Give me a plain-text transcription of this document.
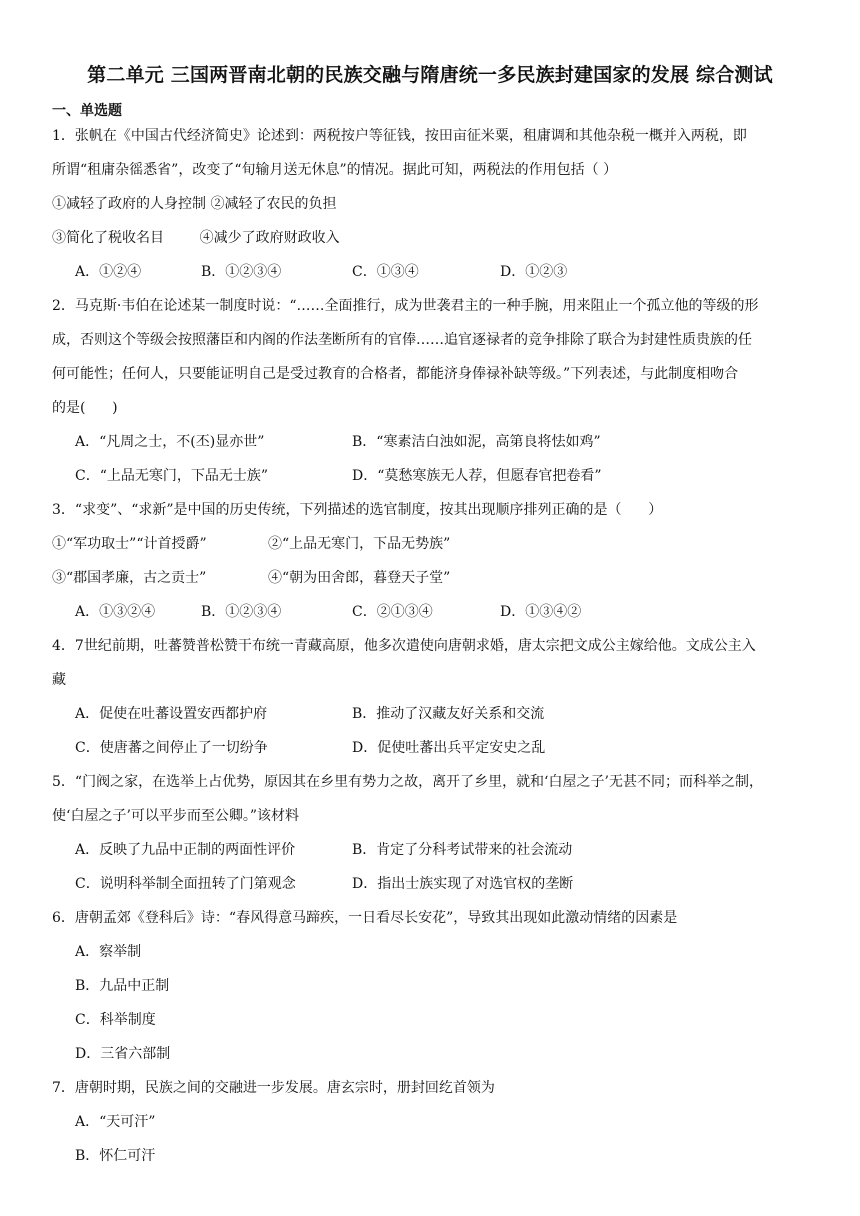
第二单元 三国两晋南北朝的民族交融与隋唐统一多民族封建国家的发展 综合测试
一、单选题
1．张帆在《中国古代经济简史》论述到：两税按户等征钱，按田亩征米粟，租庸调和其他杂税一概并入两税，即
所谓“租庸杂徭悉省”，改变了“旬输月送无休息”的情况。据此可知，两税法的作用包括（ ）
①减轻了政府的人身控制 ②减轻了农民的负担
③简化了税收名目        ④减少了政府财政收入
A．①②④	B．①②③④	C．①③④	D．①②③
2．马克斯·韦伯在论述某一制度时说：“……全面推行，成为世袭君主的一种手腕，用来阻止一个孤立他的等级的形
成，否则这个等级会按照藩臣和内阁的作法垄断所有的官俸……追官逐禄者的竞争排除了联合为封建性质贵族的任
何可能性；任何人，只要能证明自己是受过教育的合格者，都能济身俸禄补缺等级。”下列表述，与此制度相吻合
的是(      )
A．“凡周之士，不(丕)显亦世”	B．“寒素洁白浊如泥，高第良将怯如鸡”
C．“上品无寒门，下品无士族”	D．“莫愁寒族无人荐，但愿春官把卷看”
3．“求变”、“求新”是中国的历史传统，下列描述的选官制度，按其出现顺序排列正确的是（      ）
①“军功取士”“计首授爵”	②“上品无寒门，下品无势族”
③“郡国孝廉，古之贡士”	④“朝为田舍郎，暮登天子堂”
A．①③②④	B．①②③④	C．②①③④	D．①③④②
4．7世纪前期，吐蕃赞普松赞干布统一青藏高原，他多次遣使向唐朝求婚，唐太宗把文成公主嫁给他。文成公主入
藏
A．促使在吐蕃设置安西都护府	B．推动了汉藏友好关系和交流
C．使唐蕃之间停止了一切纷争	D．促使吐蕃出兵平定安史之乱
5．“门阀之家，在选举上占优势，原因其在乡里有势力之故，离开了乡里，就和‘白屋之子’无甚不同；而科举之制，
使‘白屋之子’可以平步而至公卿。”该材料
A．反映了九品中正制的两面性评价	B．肯定了分科考试带来的社会流动
C．说明科举制全面扭转了门第观念	D．指出士族实现了对选官权的垄断
6．唐朝孟郊《登科后》诗：“春风得意马蹄疾，一日看尽长安花”，导致其出现如此激动情绪的因素是
A．察举制
B．九品中正制
C．科举制度
D．三省六部制
7．唐朝时期，民族之间的交融进一步发展。唐玄宗时，册封回纥首领为
A．“天可汗”
B．怀仁可汗
